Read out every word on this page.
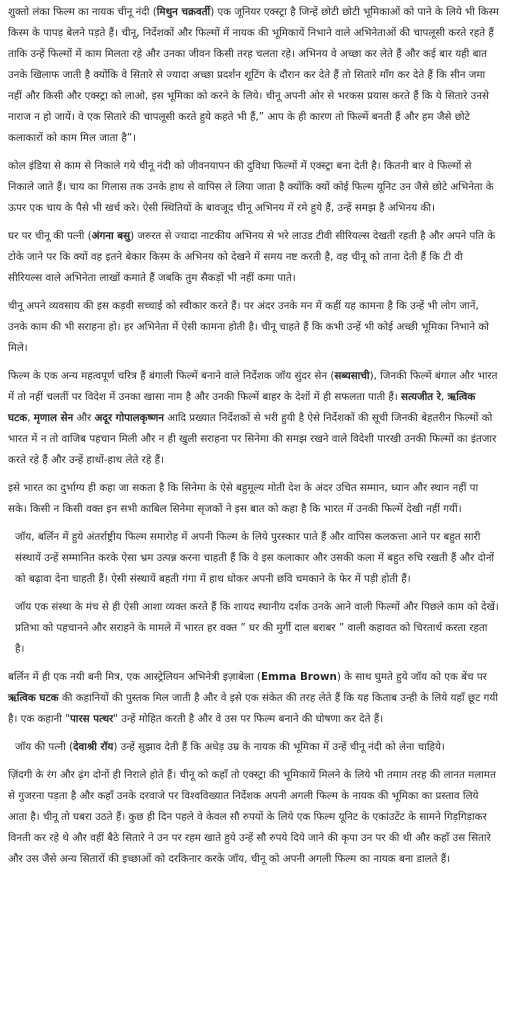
शुक्तो लंका फिल्म का नायक चीनू नंदी (मिथुन चक्रवर्ती) एक जूनियर एक्स्ट्रा है जिन्हें छोटी छोटी भूमिकाओं को पाने के लिये भी किस्म किस्म के पापड़ बेलने पड़ते हैं। चीनू, निर्देशकों और फिल्मों में नायक की भूमिकायें निभाने वाले अभिनेताओं की चापलूसी करते रहते हैं ताकि उन्हें फिल्मों में काम मिलता रहे और उनका जीवन किसी तरह चलता रहे। अभिनय वे अच्छा कर लेते हैं और कई बार यही बात उनके खिलाफ जाती है क्योंकि वे सितारे से ज्यादा अच्छा प्रदर्शन शूटिंग के दौरान कर देते हैं तो सितारे माँग कर देते हैं कि सीन जमा नहीं और किसी और एक्स्ट्रा को लाओ, इस भूमिका को करने के लिये। चीनू अपनी ओर से भरकस प्रयास करते हैं कि ये सितारे उनसे नाराज न हो जायें। वे एक सितारे की चापलूसी करते हुये कहते भी हैं,” आप के ही कारण तो फिल्में बनती हैं और हम जैसे छोटे कलाकारों को काम मिल जाता है”।

कोल इंडिया से काम से निकाले गये चीनू नंदी को जीवनयापन की दुविधा फिल्मों में एक्स्ट्रा बना देती है। कितनी बार वे फिल्मों से निकाले जाते हैं। चाय का गिलास तक उनके हाथ से वापिस ले लिया जाता है क्योंकि क्यों कोई फिल्म यूनिट उन जैसे छोटे अभिनेता के ऊपर एक चाय के पैसे भी खर्च करे। ऐसी स्थितियों के बावजूद चीनू अभिनय में रमे हुये हैं, उन्हें समझ है अभिनय की।

घर पर चीनू की पत्नी (अंगना बसु) जरुरत से ज्यादा नाटकीय अभिनय से भरे लाउड टीवी सीरियल्स देखती रहती है और अपने पति के टोके जाने पर कि क्यों वह इतने बेकार किस्म के अभिनय को देखने में समय नष्ट करती है, वह चीनू को ताना देती हैं कि टी वी सीरियल्स वाले अभिनेता लाखों कमाते हैं जबकि तुम सैकड़ों भी नहीं कमा पाते।

चीनू अपने व्यवसाय की इस कड़वी सच्चाई को स्वीकार करते हैं। पर अंदर उनके मन में कहीं यह कामना है कि उन्हें भी लोग जानें, उनके काम की भी सराहना हो। हर अभिनेता में ऐसी कामना होती है। चीनू चाहते हैं कि कभी उन्हें भी कोई अच्छी भूमिका निभाने को मिले।

फिल्म के एक अन्य महत्वपूर्ण चरित्र हैं बंगाली फिल्में बनाने वाले निर्देशक जॉय सुंदर सेन (सब्यसाची), जिनकी फिल्में बंगाल और भारत में तो नहीं चलतीं पर विदेश में उनका खासा नाम है और उनकी फिल्में बाहर के देशों में ही सफलता पाती हैं। सत्यजीत रे, ऋत्विक घटक, मृणाल सेन और अदूर गोपालकृष्णन आदि प्रख्यात निर्देशकों से भरी हुयी है ऐसे निर्देशकों की सूची जिनकी बेहतरीन फिल्मों को भारत में न तो वाजिब पहचान मिली और न ही खुली सराहना पर सिनेमा की समझ रखने वाले विदेशी पारखी उनकी फिल्मों का इंतजार करते रहे हैं और उन्हें हाथों-हाथ लेते रहे हैं।

इसे भारत का दुर्भाग्य ही कहा जा सकता है कि सिनेमा के ऐसे बहुमूल्य मोती देश के अंदर उचित सम्मान, ध्यान और स्थान नहीं पा सके। किसी न किसी वक्त इन सभी काबिल सिनेमा सृजकों ने इस बात को कहा है कि भारत में उनकी फिल्में देखी नहीं गयीं।

जॉय, बर्लिन में हुये अंतर्राष्ट्रीय फिल्म समारोह में अपनी फिल्म के लिये पुरस्कार पाते हैं और वापिस कलकत्ता आने पर बहुत सारी संस्थायें उन्हें सम्मानित करके ऐसा भ्रम उत्पन्न करना चाहती हैं कि वे इस कलाकार और उसकी कला में बहुत रुचि रखती हैं और दोनों को बढ़ावा देना चाहती हैं। ऐसी संस्थायें बहती गंगा में हाथ धोकर अपनी छवि चमकाने के फेर में पड़ी होती हैं।

जॉय एक संस्था के मंच से ही ऐसी आशा व्यक्त करते हैं कि शायद स्थानीय दर्शक उनके आने वाली फिल्मों और पिछले काम को देखें। प्रतिभा को पहचानने और सराहने के मामले में भारत हर वक्त ” घर की मुर्गी दाल बराबर ” वाली कहावत को चिरतार्थ करता रहता है।

बर्लिन में ही एक नयी बनी मित्र, एक आस्ट्रेलियन अभिनेत्री इज़ाबेला (Emma Brown) के साथ घुमते हुये जॉय को एक बेंच पर ऋत्विक घटक की कहानियों की पुस्तक मिल जाती है और वे इसे एक संकेत की तरह लेते हैं कि यह किताब उन्ही के लिये यहाँ छूट गयी है। एक कहानी "पारस पत्थर" उन्हें मोहित करती है और वे उस पर फिल्म बनाने की घोषणा कर देते हैं।

जॉय की पत्नी (देवाश्री रॉय) उन्हें सुझाव देती हैं कि अधेड़ उम्र के नायक की भूमिका में उन्हें चीनू नंदी को लेना चाहिये।

ज़िंदगी के रंग और ढ़ंग दोनों ही निराले होते हैं। चीनू को कहाँ तो एक्स्ट्रा की भूमिकायें मिलने के लिये भी तमाम तरह की लानत मलामत से गुजरना पड़ता है और कहाँ उनके दरवाजे पर विश्वविख्यात निर्देशक अपनी अगली फिल्म के नायक की भूमिका का प्रस्ताव लिये आता है। चीनू तो घबरा उठते हैं। कुछ ही दिन पहले वे केवल सौ रुपयों के लिये एक फिल्म यूनिट के एकांउटेंट के सामने गिड़गिड़ाकर विनती कर रहे थे और वहीं बैठे सितारे ने उन पर रहम खाते हुये उन्हें सौ रुपये दिये जाने की कृपा उन पर की थी और कहाँ उस सितारे और उस जैसे अन्य सितारों की इच्छाओं को दरकिनार करके जॉय, चीनू को अपनी अगली फिल्म का नायक बना डालते हैं।
